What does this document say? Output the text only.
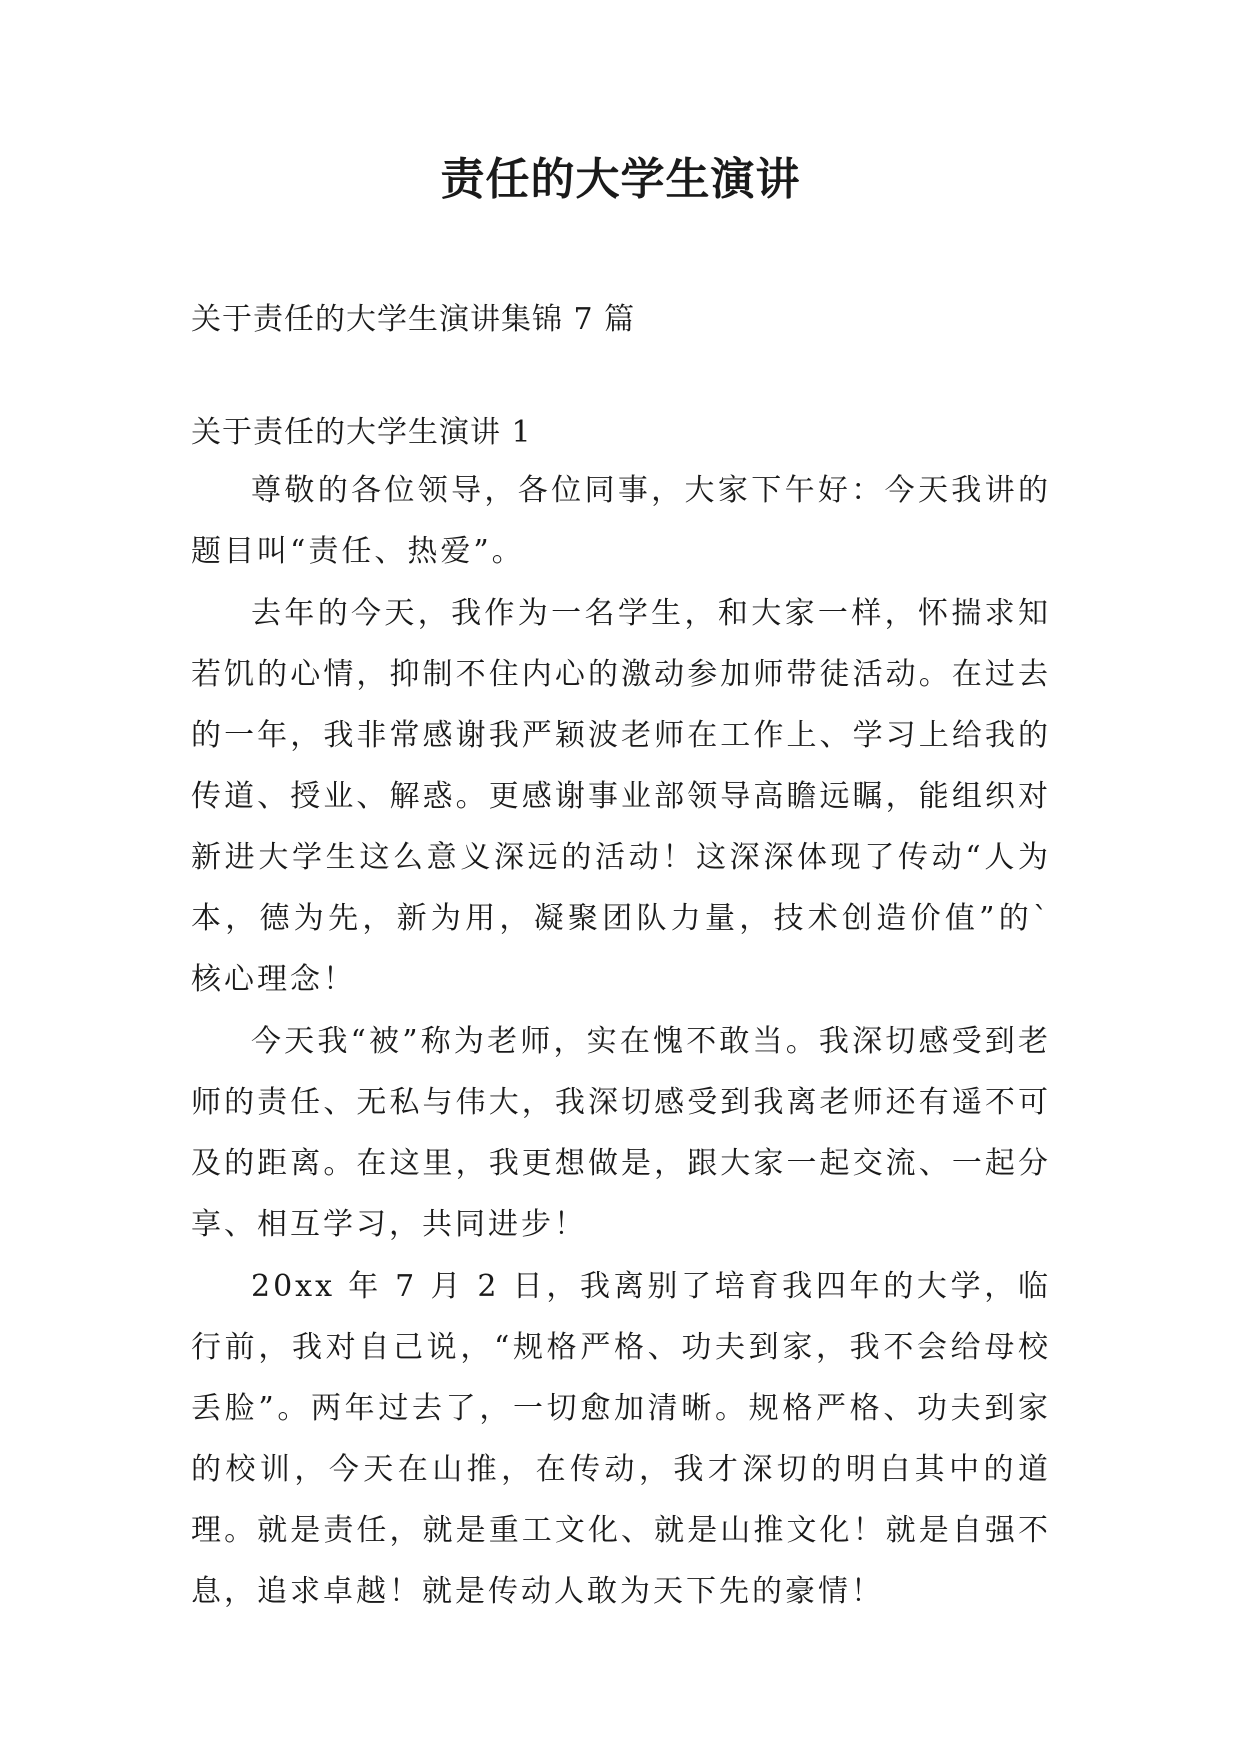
责任的大学生演讲

关于责任的大学生演讲集锦 7 篇

关于责任的大学生演讲 1

尊敬的各位领导，各位同事，大家下午好：今天我讲的题目叫“责任、热爱”。

去年的今天，我作为一名学生，和大家一样，怀揣求知若饥的心情，抑制不住内心的激动参加师带徒活动。在过去的一年，我非常感谢我严颖波老师在工作上、学习上给我的传道、授业、解惑。更感谢事业部领导高瞻远瞩，能组织对新进大学生这么意义深远的活动！这深深体现了传动“人为本，德为先，新为用，凝聚团队力量，技术创造价值”的`核心理念！

今天我“被”称为老师，实在愧不敢当。我深切感受到老师的责任、无私与伟大，我深切感受到我离老师还有遥不可及的距离。在这里，我更想做是，跟大家一起交流、一起分享、相互学习，共同进步！

20xx 年 7 月 2 日，我离别了培育我四年的大学，临行前，我对自己说，“规格严格、功夫到家，我不会给母校丢脸”。两年过去了，一切愈加清晰。规格严格、功夫到家的校训，今天在山推，在传动，我才深切的明白其中的道理。就是责任，就是重工文化、就是山推文化！就是自强不息，追求卓越！就是传动人敢为天下先的豪情！
